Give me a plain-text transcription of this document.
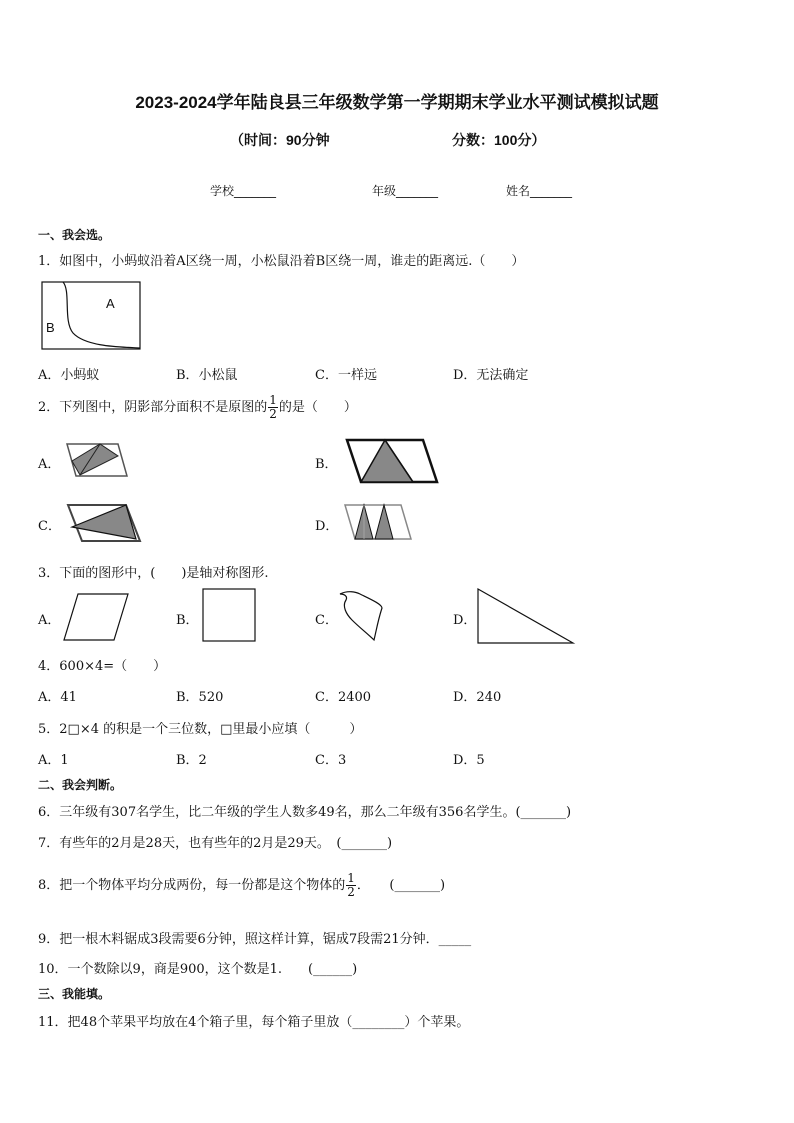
2023-2024学年陆良县三年级数学第一学期期末学业水平测试模拟试题
（时间：90分钟	分数：100分）
学校_______	年级_______	姓名_______
一、我会选。
1．如图中，小蚂蚁沿着A区绕一周，小松鼠沿着B区绕一周，谁走的距离远.（　　）
A
B
A．小蚂蚁	B．小松鼠	C．一样远	D．无法确定
2．下列图中，阴影部分面积不是原图的 $\frac{1}{2}$ 的是（　　）
A．	B．
C．	D．
3．下面的图形中，(　　)是轴对称图形.
A．	B．	C．	D．
4．600×4=（　　）
A．41	B．520	C．2400	D．240
5．2□×4 的积是一个三位数，□里最小应填（　　　）
A．1	B．2	C．3	D．5
二、我会判断。
6．三年级有307名学生，比二年级的学生人数多49名，那么二年级有356名学生。(_______)
7．有些年的2月是28天，也有些年的2月是29天。　(_______)
8．把一个物体平均分成两份，每一份都是这个物体的 $\frac{1}{2}$ ．　　(_______)
9．把一根木料锯成3段需要6分钟，照这样计算，锯成7段需21分钟．_____
10．一个数除以9，商是900，这个数是1.　　(______)
三、我能填。
11．把48个苹果平均放在4个箱子里，每个箱子里放（________）个苹果。
